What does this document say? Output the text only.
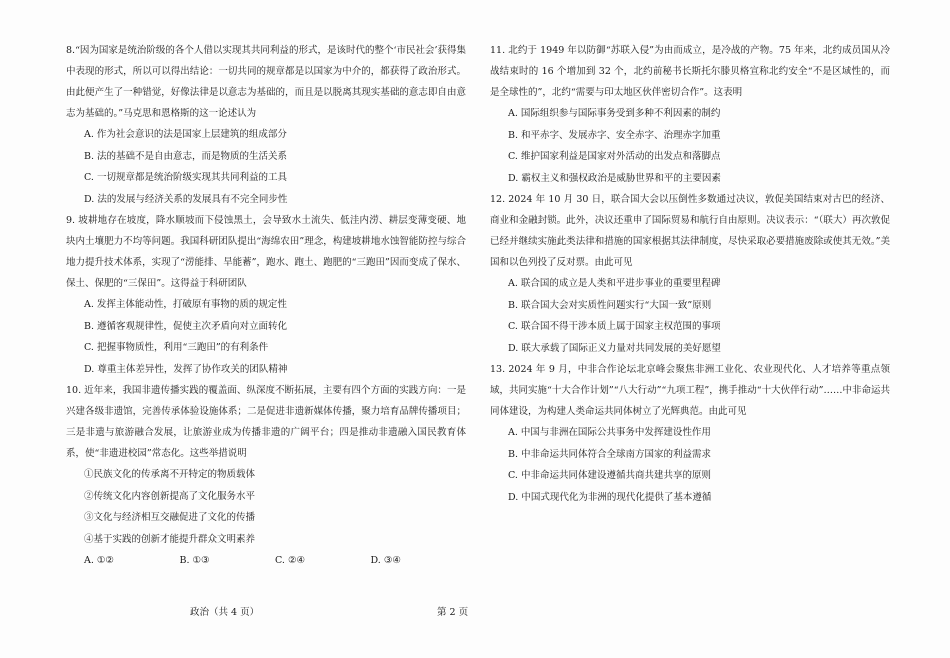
8.“因为国家是统治阶级的各个人借以实现其共同利益的形式，是该时代的整个‘市民社会’获得集中表现的形式，所以可以得出结论：一切共同的规章都是以国家为中介的，都获得了政治形式。由此便产生了一种错觉，好像法律是以意志为基础的，而且是以脱离其现实基础的意志即自由意志为基础的。”马克思和恩格斯的这一论述认为

A. 作为社会意识的法是国家上层建筑的组成部分

B. 法的基础不是自由意志，而是物质的生活关系

C. 一切规章都是统治阶级实现其共同利益的工具

D. 法的发展与经济关系的发展具有不完全同步性

9. 坡耕地存在坡度，降水顺坡而下侵蚀黑土，会导致水土流失、低洼内涝、耕层变薄变硬、地块内土壤肥力不均等问题。我国科研团队提出“海绵农田”理念，构建坡耕地水蚀智能防控与综合地力提升技术体系，实现了“涝能排、旱能蓄”，跑水、跑土、跑肥的“三跑田”因而变成了保水、保土、保肥的“三保田”。这得益于科研团队

A. 发挥主体能动性，打破原有事物的质的规定性

B. 遵循客观规律性，促使主次矛盾向对立面转化

C. 把握事物质性，利用“三跑田”的有利条件

D. 尊重主体差异性，发挥了协作攻关的团队精神

10. 近年来，我国非遗传播实践的覆盖面、纵深度不断拓展，主要有四个方面的实践方向：一是兴建各级非遗馆，完善传承体验设施体系；二是促进非遗新媒体传播，聚力培育品牌传播项目；三是非遗与旅游融合发展，让旅游业成为传播非遗的广阔平台；四是推动非遗融入国民教育体系，使“非遗进校园”常态化。这些举措说明

①民族文化的传承离不开特定的物质载体

②传统文化内容创新提高了文化服务水平

③文化与经济相互交融促进了文化的传播

④基于实践的创新才能提升群众文明素养

A. ①②	B. ①③	C. ②④	D. ③④

11. 北约于 1949 年以防御“苏联入侵”为由而成立，是冷战的产物。75 年来，北约成员国从冷战结束时的 16 个增加到 32 个，北约前秘书长斯托尔滕贝格宣称北约安全“不是区域性的，而是全球性的”，北约“需要与印太地区伙伴密切合作”。这表明

A. 国际组织参与国际事务受到多种不利因素的制约

B. 和平赤字、发展赤字、安全赤字、治理赤字加重

C. 维护国家利益是国家对外活动的出发点和落脚点

D. 霸权主义和强权政治是威胁世界和平的主要因素

12. 2024 年 10 月 30 日，联合国大会以压倒性多数通过决议，敦促美国结束对古巴的经济、商业和金融封锁。此外，决议还重申了国际贸易和航行自由原则。决议表示：“（联大）再次敦促已经并继续实施此类法律和措施的国家根据其法律制度，尽快采取必要措施废除或使其无效。”美国和以色列投了反对票。由此可见

A. 联合国的成立是人类和平进步事业的重要里程碑

B. 联合国大会对实质性问题实行“大国一致”原则

C. 联合国不得干涉本质上属于国家主权范围的事项

D. 联大承载了国际正义力量对共同发展的美好愿望

13. 2024 年 9 月，中非合作论坛北京峰会聚焦非洲工业化、农业现代化、人才培养等重点领域，共同实施“十大合作计划”“八大行动”“九项工程”，携手推动“十大伙伴行动”……中非命运共同体建设，为构建人类命运共同体树立了光辉典范。由此可见

A. 中国与非洲在国际公共事务中发挥建设性作用

B. 中非命运共同体符合全球南方国家的利益需求

C. 中非命运共同体建设遵循共商共建共享的原则

D. 中国式现代化为非洲的现代化提供了基本遵循

政治（共 4 页）	第 2 页
